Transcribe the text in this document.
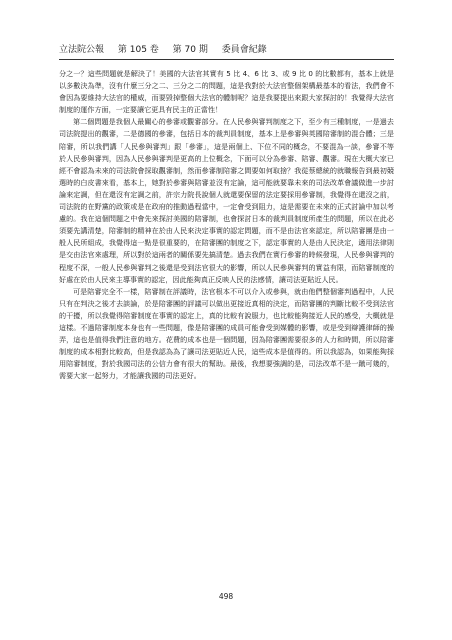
立法院公報 第 105 卷 第 70 期 委員會紀錄

分之一？這些問題就是解決了！美國的大法官其實有 5 比 4、6 比 3、或 9 比 0 的比數都有，基本上就是以多數決為準，沒有什麼三分之二、三分之二的問題，這是我對於大法官整個架構最基本的看法，我們會不會因為要維持大法官的權威，而要毀掉整個大法官的體制呢？這是我要提出來跟大家探討的！我覺得大法官制度的運作方面，一定要讓它更具有民主的正當性！

第二個問題是我個人最關心的參審或觀審部分。在人民參與審判制度之下，至少有三種制度，一是過去司法院提出的觀審，二是德國的參審，包括日本的裁判員制度，基本上是參審與英國陪審制的混合體；三是陪審，所以我們講「人民參與審判」跟「參審」，這是兩個上、下位不同的概念，不要混為一談，參審不等於人民參與審判，因為人民參與審判是更高的上位概念，下面可以分為參審、陪審、觀審。現在大概大家已經不會認為未來的司法院會採取觀審制，然而參審制陪審之間要如何取捨？我從蔡總統的就職報告到最初競選時的白皮書來看，基本上，她對於參審與陪審並沒有定論，這可能就要靠未來的司法改革會議做進一步討論來定調，但在還沒有定調之前，許宗力院長說個人就還要保留的法定要採用參審制，我覺得在還沒之前，司法院的在野黨的政策或是在政府的推動過程當中，一定會受到阻力，這是需要在未來的正式討論中加以考慮的。我在這個問題之中會先來探討美國的陪審制，也會探討日本的裁判員制度所產生的問題，所以在此必須要先講清楚，陪審制的精神在於由人民來決定事實的認定問題，而不是由法官來認定，所以陪審團是由一般人民所組成，我覺得這一點是很重要的，在陪審團的制度之下，認定事實的人是由人民決定，適用法律則是交由法官來處理，所以對於這兩者的關係要先搞清楚。過去我們在實行參審的時候發現，人民參與審判的程度不深，一般人民參與審判之後還是受到法官很大的影響，所以人民參與審判的實益有限，而陪審制度的好處在於由人民來主導事實的認定，因此能夠真正反映人民的法感情，讓司法更貼近人民。

可是陪審完全不一樣，陪審制在評議時，法官根本不可以介入或參與，就由他們整個審判過程中，人民只有在判決之後才去談論，於是陪審團的評議可以做出更接近真相的決定，而陪審團的判斷比較不受到法官的干擾，所以我覺得陪審制度在事實的認定上，真的比較有說服力，也比較能夠接近人民的感受，大概就是這樣。不過陪審制度本身也有一些問題，像是陪審團的成員可能會受到媒體的影響，或是受到辯護律師的操弄，這也是值得我們注意的地方。花費的成本也是一個問題，因為陪審團需要很多的人力和時間，所以陪審制度的成本相對比較高，但是我認為為了讓司法更貼近人民，這些成本是值得的。所以我認為，如果能夠採用陪審制度，對於我國司法的公信力會有很大的幫助。最後，我想要強調的是，司法改革不是一蹴可幾的，需要大家一起努力，才能讓我國的司法更好。

498
